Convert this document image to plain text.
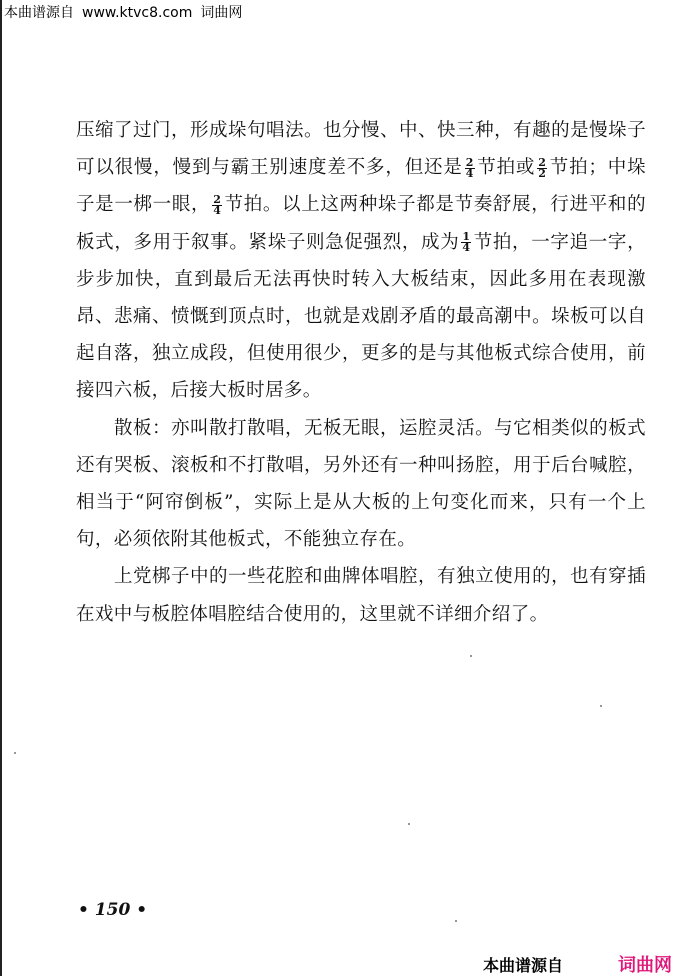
本曲谱源自 www.ktvc8.com 词曲网

压缩了过门，形成垛句唱法。也分慢、中、快三种，有趣的是慢垛子可以很慢，慢到与霸王别速度差不多，但还是 $\frac{2}{4}$ 节拍或 $\frac{2}{2}$ 节拍；中垛子是一梆一眼， $\frac{2}{4}$ 节拍。以上这两种垛子都是节奏舒展，行进平和的板式，多用于叙事。紧垛子则急促强烈，成为 $\frac{1}{4}$ 节拍，一字追一字，步步加快，直到最后无法再快时转入大板结束，因此多用在表现激昂、悲痛、愤慨到顶点时，也就是戏剧矛盾的最高潮中。垛板可以自起自落，独立成段，但使用很少，更多的是与其他板式综合使用，前接四六板，后接大板时居多。

散板：亦叫散打散唱，无板无眼，运腔灵活。与它相类似的板式还有哭板、滚板和不打散唱，另外还有一种叫扬腔，用于后台喊腔，相当于“阿帘倒板”，实际上是从大板的上句变化而来，只有一个上句，必须依附其他板式，不能独立存在。

上党梆子中的一些花腔和曲牌体唱腔，有独立使用的，也有穿插在戏中与板腔体唱腔结合使用的，这里就不详细介绍了。

• 150 •
本曲谱源自	词曲网
